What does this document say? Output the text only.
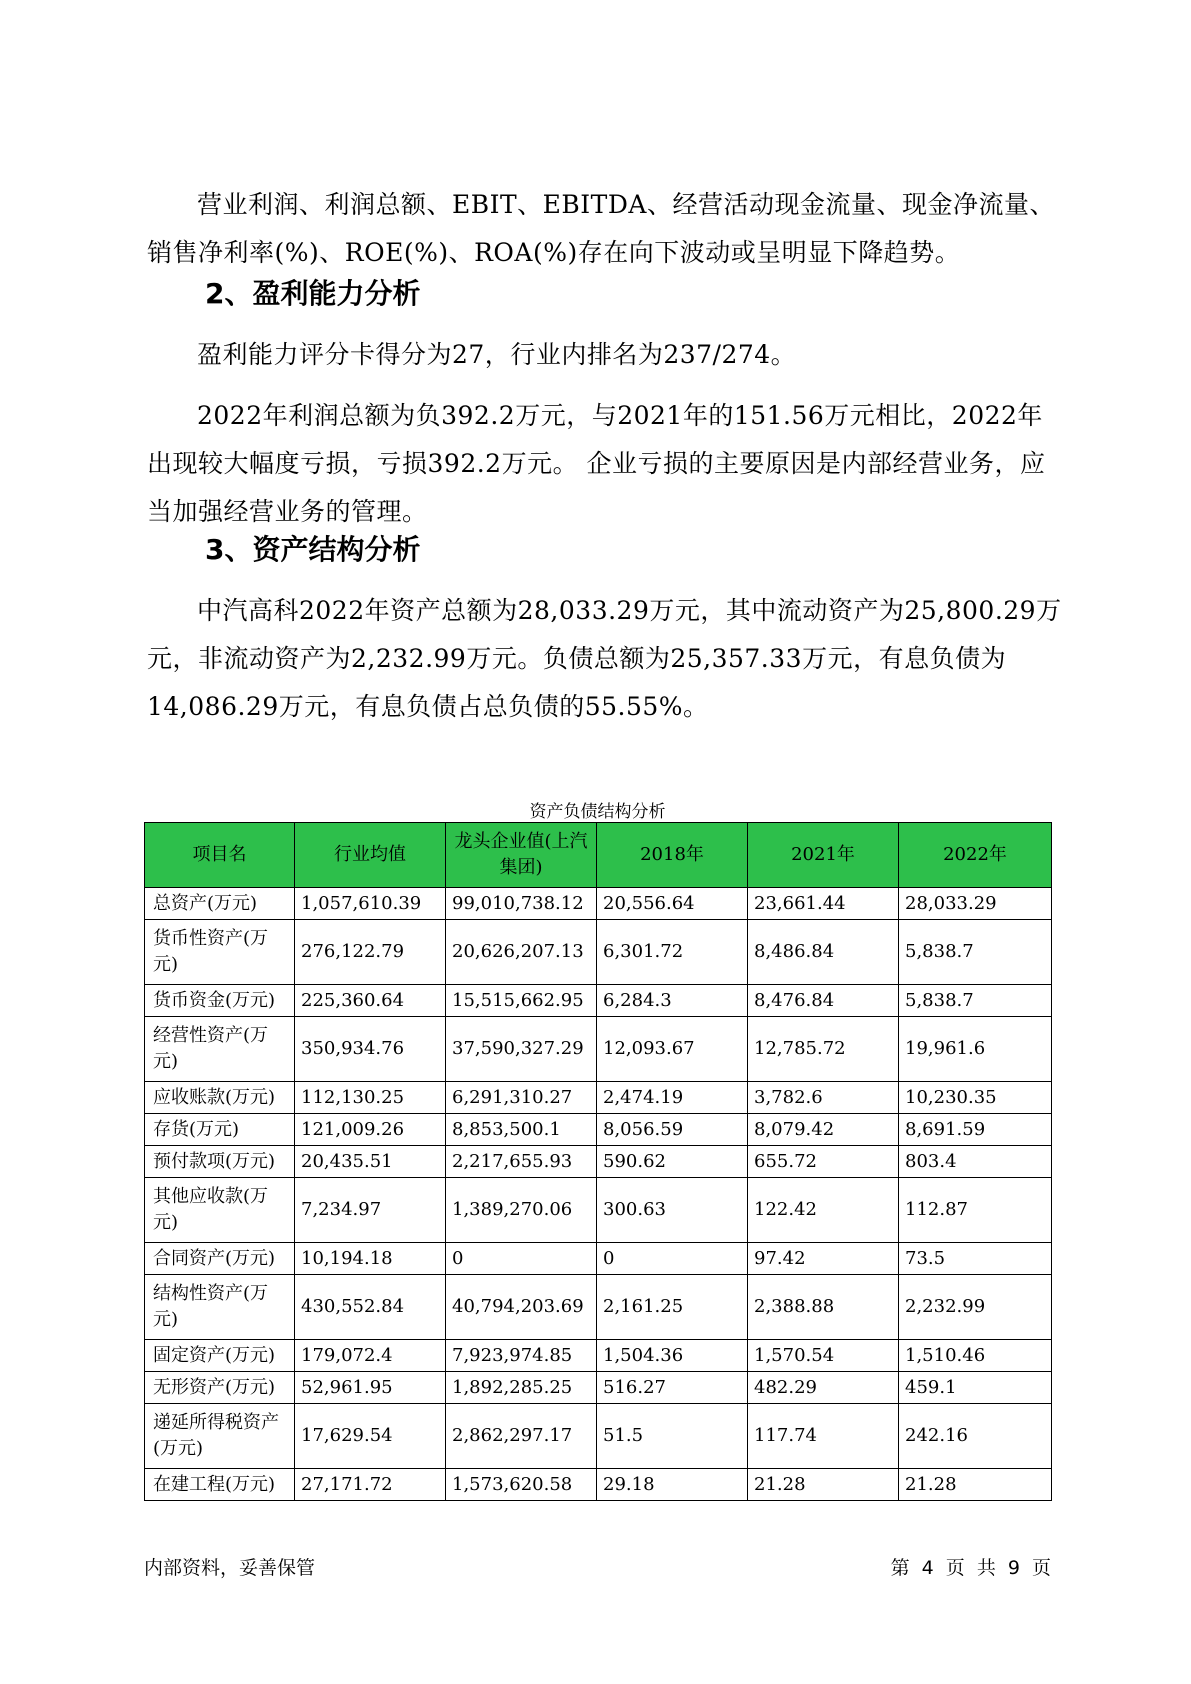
营业利润、利润总额、EBIT、EBITDA、经营活动现金流量、现金净流量、销售净利率(%)、ROE(%)、ROA(%)存在向下波动或呈明显下降趋势。

2、盈利能力分析

盈利能力评分卡得分为27，行业内排名为237/274。

2022年利润总额为负392.2万元，与2021年的151.56万元相比，2022年出现较大幅度亏损，亏损392.2万元。 企业亏损的主要原因是内部经营业务，应当加强经营业务的管理。

3、资产结构分析

中汽高科2022年资产总额为28,033.29万元，其中流动资产为25,800.29万元，非流动资产为2,232.99万元。负债总额为25,357.33万元，有息负债为14,086.29万元，有息负债占总负债的55.55%。

资产负债结构分析
项目名	行业均值	龙头企业值(上汽集团)	2018年	2021年	2022年
总资产(万元)	1,057,610.39	99,010,738.12	20,556.64	23,661.44	28,033.29
货币性资产(万元)	276,122.79	20,626,207.13	6,301.72	8,486.84	5,838.7
货币资金(万元)	225,360.64	15,515,662.95	6,284.3	8,476.84	5,838.7
经营性资产(万元)	350,934.76	37,590,327.29	12,093.67	12,785.72	19,961.6
应收账款(万元)	112,130.25	6,291,310.27	2,474.19	3,782.6	10,230.35
存货(万元)	121,009.26	8,853,500.1	8,056.59	8,079.42	8,691.59
预付款项(万元)	20,435.51	2,217,655.93	590.62	655.72	803.4
其他应收款(万元)	7,234.97	1,389,270.06	300.63	122.42	112.87
合同资产(万元)	10,194.18	0	0	97.42	73.5
结构性资产(万元)	430,552.84	40,794,203.69	2,161.25	2,388.88	2,232.99
固定资产(万元)	179,072.4	7,923,974.85	1,504.36	1,570.54	1,510.46
无形资产(万元)	52,961.95	1,892,285.25	516.27	482.29	459.1
递延所得税资产(万元)	17,629.54	2,862,297.17	51.5	117.74	242.16
在建工程(万元)	27,171.72	1,573,620.58	29.18	21.28	21.28
内部资料，妥善保管	第 4 页 共 9 页
